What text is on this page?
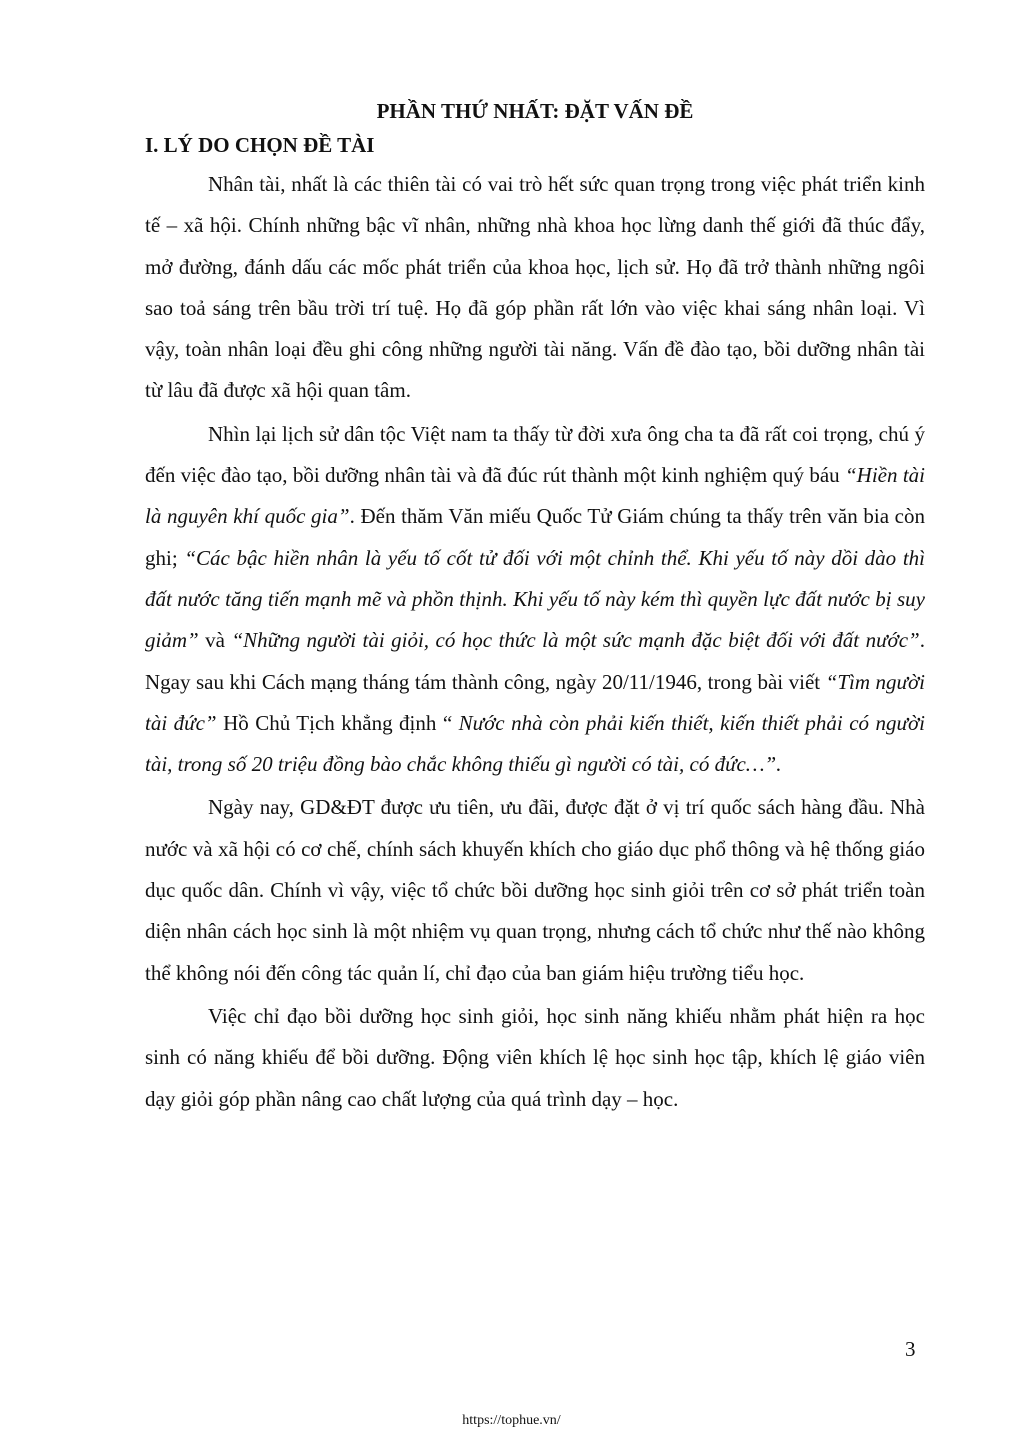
PHẦN THỨ NHẤT: ĐẶT VẤN ĐỀ
I. LÝ DO CHỌN ĐỀ TÀI

Nhân tài, nhất là các thiên tài có vai trò hết sức quan trọng trong việc phát triển kinh tế – xã hội. Chính những bậc vĩ nhân, những nhà khoa học lừng danh thế giới đã thúc đẩy, mở đường, đánh dấu các mốc phát triển của khoa học, lịch sử. Họ đã trở thành những ngôi sao toả sáng trên bầu trời trí tuệ. Họ đã góp phần rất lớn vào việc khai sáng nhân loại. Vì vậy, toàn nhân loại đều ghi công những người tài năng. Vấn đề đào tạo, bồi dưỡng nhân tài từ lâu đã được xã hội quan tâm.

Nhìn lại lịch sử dân tộc Việt nam ta thấy từ đời xưa ông cha ta đã rất coi trọng, chú ý đến việc đào tạo, bồi dưỡng nhân tài và đã đúc rút thành một kinh nghiệm quý báu “Hiền tài là nguyên khí quốc gia”. Đến thăm Văn miếu Quốc Tử Giám chúng ta thấy trên văn bia còn ghi; “Các bậc hiền nhân là yếu tố cốt tử đối với một chỉnh thể. Khi yếu tố này dồi dào thì đất nước tăng tiến mạnh mẽ và phồn thịnh. Khi yếu tố này kém thì quyền lực đất nước bị suy giảm” và “Những người tài giỏi, có học thức là một sức mạnh đặc biệt đối với đất nước”. Ngay sau khi Cách mạng tháng tám thành công, ngày 20/11/1946, trong bài viết “Tìm người tài đức” Hồ Chủ Tịch khẳng định “ Nước nhà còn phải kiến thiết, kiến thiết phải có người tài, trong số 20 triệu đồng bào chắc không thiếu gì người có tài, có đức…”.

Ngày nay, GD&ĐT được ưu tiên, ưu đãi, được đặt ở vị trí quốc sách hàng đầu. Nhà nước và xã hội có cơ chế, chính sách khuyến khích cho giáo dục phổ thông và hệ thống giáo dục quốc dân. Chính vì vậy, việc tổ chức bồi dưỡng học sinh giỏi trên cơ sở phát triển toàn diện nhân cách học sinh là một nhiệm vụ quan trọng, nhưng cách tổ chức như thế nào không thể không nói đến công tác quản lí, chỉ đạo của ban giám hiệu trường tiểu học.

Việc chỉ đạo bồi dưỡng học sinh giỏi, học sinh năng khiếu nhằm phát hiện ra học sinh có năng khiếu để bồi dưỡng. Động viên khích lệ học sinh học tập, khích lệ giáo viên dạy giỏi góp phần nâng cao chất lượng của quá trình dạy – học.

3
https://tophue.vn/
